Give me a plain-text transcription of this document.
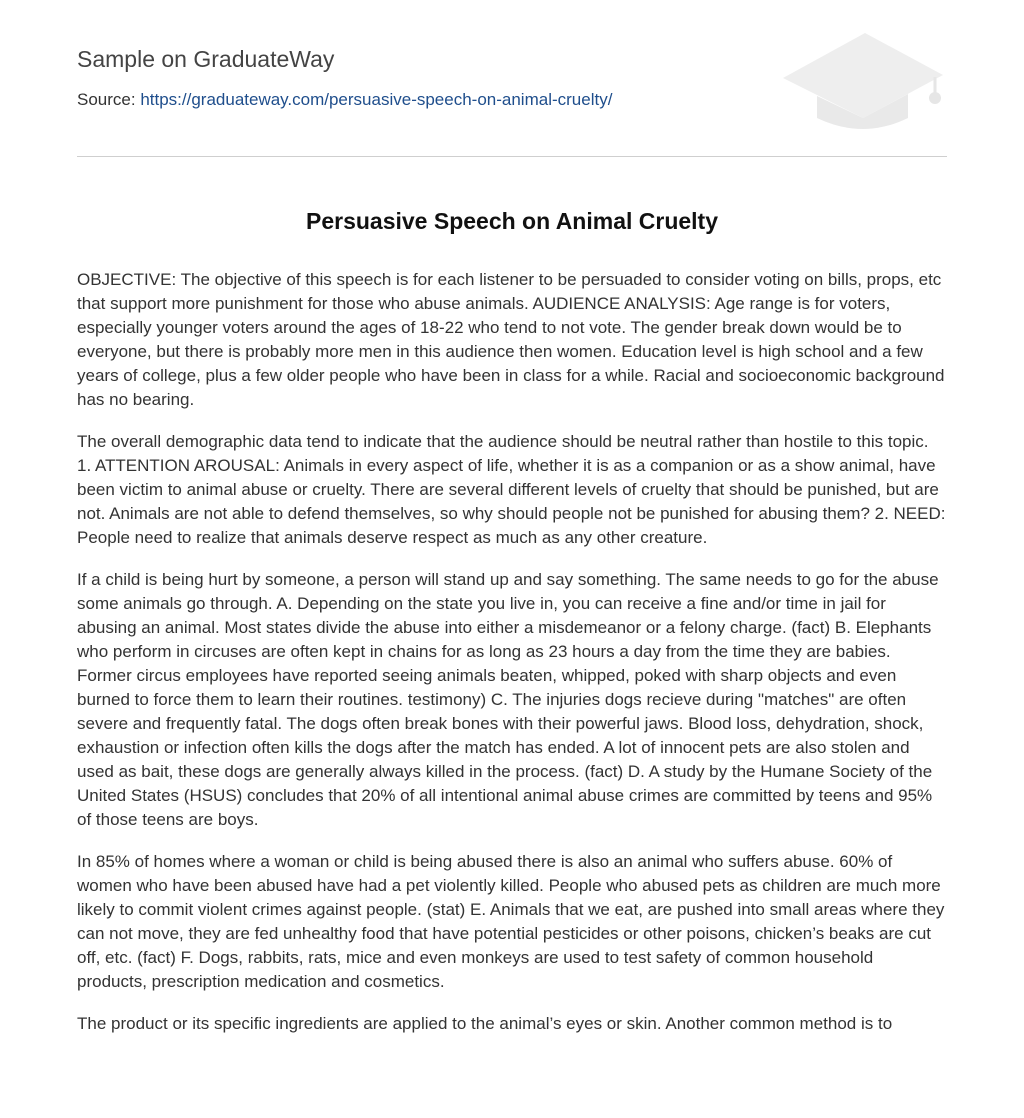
Sample on GraduateWay
Source: https://graduateway.com/persuasive-speech-on-animal-cruelty/
Persuasive Speech on Animal Cruelty

OBJECTIVE: The objective of this speech is for each listener to be persuaded to consider voting on bills, props, etc that support more punishment for those who abuse animals. AUDIENCE ANALYSIS: Age range is for voters, especially younger voters around the ages of 18-22 who tend to not vote. The gender break down would be to everyone, but there is probably more men in this audience then women. Education level is high school and a few years of college, plus a few older people who have been in class for a while. Racial and socioeconomic background has no bearing.

The overall demographic data tend to indicate that the audience should be neutral rather than hostile to this topic. 1. ATTENTION AROUSAL: Animals in every aspect of life, whether it is as a companion or as a show animal, have been victim to animal abuse or cruelty. There are several different levels of cruelty that should be punished, but are not. Animals are not able to defend themselves, so why should people not be punished for abusing them? 2. NEED: People need to realize that animals deserve respect as much as any other creature.

If a child is being hurt by someone, a person will stand up and say something. The same needs to go for the abuse some animals go through. A. Depending on the state you live in, you can receive a fine and/or time in jail for abusing an animal. Most states divide the abuse into either a misdemeanor or a felony charge. (fact) B. Elephants who perform in circuses are often kept in chains for as long as 23 hours a day from the time they are babies. Former circus employees have reported seeing animals beaten, whipped, poked with sharp objects and even burned to force them to learn their routines. testimony) C. The injuries dogs recieve during "matches" are often severe and frequently fatal. The dogs often break bones with their powerful jaws. Blood loss, dehydration, shock, exhaustion or infection often kills the dogs after the match has ended. A lot of innocent pets are also stolen and used as bait, these dogs are generally always killed in the process. (fact) D. A study by the Humane Society of the United States (HSUS) concludes that 20% of all intentional animal abuse crimes are committed by teens and 95% of those teens are boys.

In 85% of homes where a woman or child is being abused there is also an animal who suffers abuse. 60% of women who have been abused have had a pet violently killed. People who abused pets as children are much more likely to commit violent crimes against people. (stat) E. Animals that we eat, are pushed into small areas where they can not move, they are fed unhealthy food that have potential pesticides or other poisons, chicken’s beaks are cut off, etc. (fact) F. Dogs, rabbits, rats, mice and even monkeys are used to test safety of common household products, prescription medication and cosmetics.

The product or its specific ingredients are applied to the animal’s eyes or skin. Another common method is to
